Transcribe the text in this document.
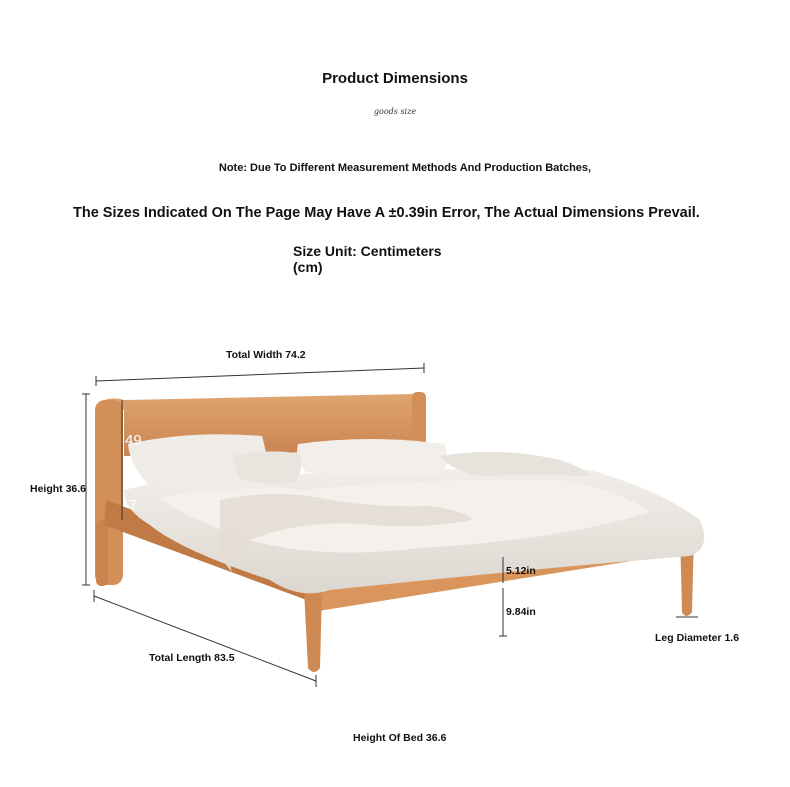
Product Dimensions
goods size
Note: Due To Different Measurement Methods And Production Batches,
The Sizes Indicated On The Page May Have A ±0.39in Error, The Actual Dimensions Prevail.
Size Unit: Centimeters
(cm)
Total Width 74.2
Height 36.6
Total Length 83.5
Leg Diameter 1.6
Height Of Bed 36.6
49
7
5.12in
9.84in
